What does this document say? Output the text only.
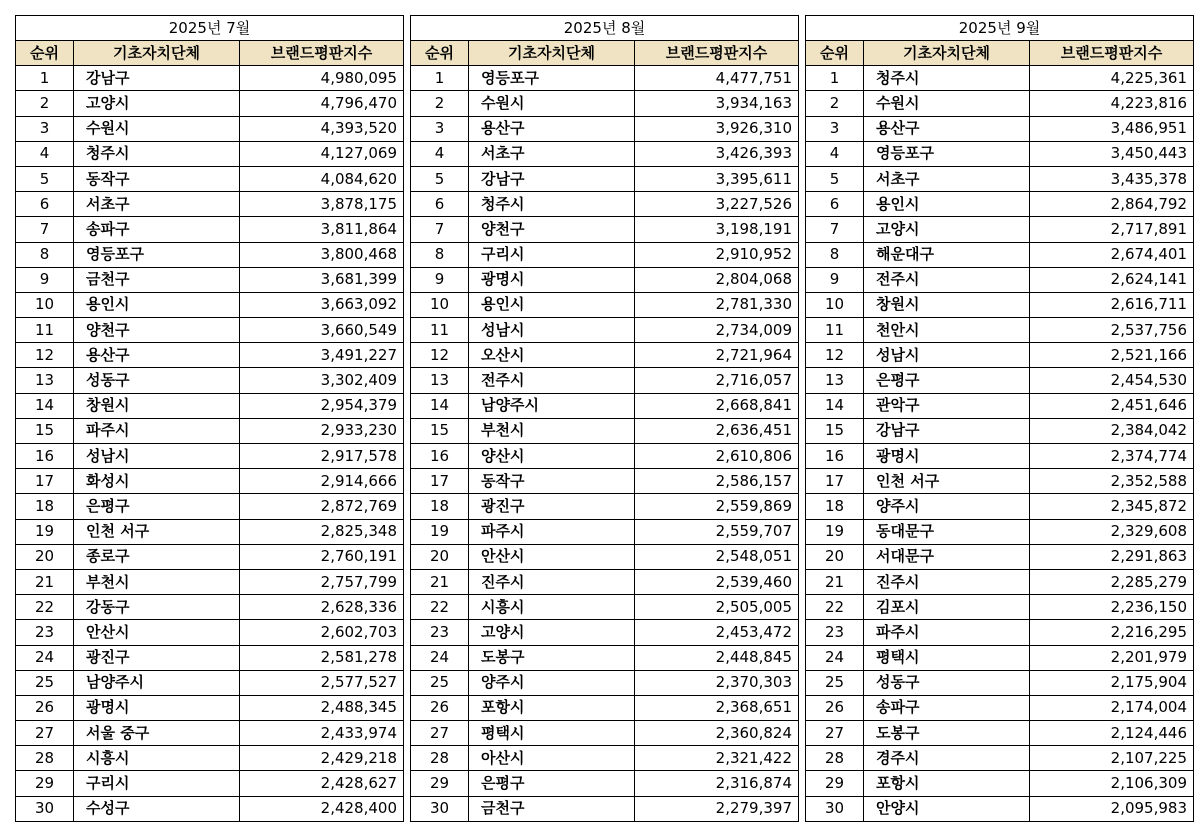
2025년 7월		
순위	기초자치단체	브랜드평판지수
1	강남구	4,980,095
2	고양시	4,796,470
3	수원시	4,393,520
4	청주시	4,127,069
5	동작구	4,084,620
6	서초구	3,878,175
7	송파구	3,811,864
8	영등포구	3,800,468
9	금천구	3,681,399
10	용인시	3,663,092
11	양천구	3,660,549
12	용산구	3,491,227
13	성동구	3,302,409
14	창원시	2,954,379
15	파주시	2,933,230
16	성남시	2,917,578
17	화성시	2,914,666
18	은평구	2,872,769
19	인천 서구	2,825,348
20	종로구	2,760,191
21	부천시	2,757,799
22	강동구	2,628,336
23	안산시	2,602,703
24	광진구	2,581,278
25	남양주시	2,577,527
26	광명시	2,488,345
27	서울 중구	2,433,974
28	시흥시	2,429,218
29	구리시	2,428,627
30	수성구	2,428,400
2025년 8월		
순위	기초자치단체	브랜드평판지수
1	영등포구	4,477,751
2	수원시	3,934,163
3	용산구	3,926,310
4	서초구	3,426,393
5	강남구	3,395,611
6	청주시	3,227,526
7	양천구	3,198,191
8	구리시	2,910,952
9	광명시	2,804,068
10	용인시	2,781,330
11	성남시	2,734,009
12	오산시	2,721,964
13	전주시	2,716,057
14	남양주시	2,668,841
15	부천시	2,636,451
16	양산시	2,610,806
17	동작구	2,586,157
18	광진구	2,559,869
19	파주시	2,559,707
20	안산시	2,548,051
21	진주시	2,539,460
22	시흥시	2,505,005
23	고양시	2,453,472
24	도봉구	2,448,845
25	양주시	2,370,303
26	포항시	2,368,651
27	평택시	2,360,824
28	아산시	2,321,422
29	은평구	2,316,874
30	금천구	2,279,397
2025년 9월		
순위	기초자치단체	브랜드평판지수
1	청주시	4,225,361
2	수원시	4,223,816
3	용산구	3,486,951
4	영등포구	3,450,443
5	서초구	3,435,378
6	용인시	2,864,792
7	고양시	2,717,891
8	해운대구	2,674,401
9	전주시	2,624,141
10	창원시	2,616,711
11	천안시	2,537,756
12	성남시	2,521,166
13	은평구	2,454,530
14	관악구	2,451,646
15	강남구	2,384,042
16	광명시	2,374,774
17	인천 서구	2,352,588
18	양주시	2,345,872
19	동대문구	2,329,608
20	서대문구	2,291,863
21	진주시	2,285,279
22	김포시	2,236,150
23	파주시	2,216,295
24	평택시	2,201,979
25	성동구	2,175,904
26	송파구	2,174,004
27	도봉구	2,124,446
28	경주시	2,107,225
29	포항시	2,106,309
30	안양시	2,095,983
